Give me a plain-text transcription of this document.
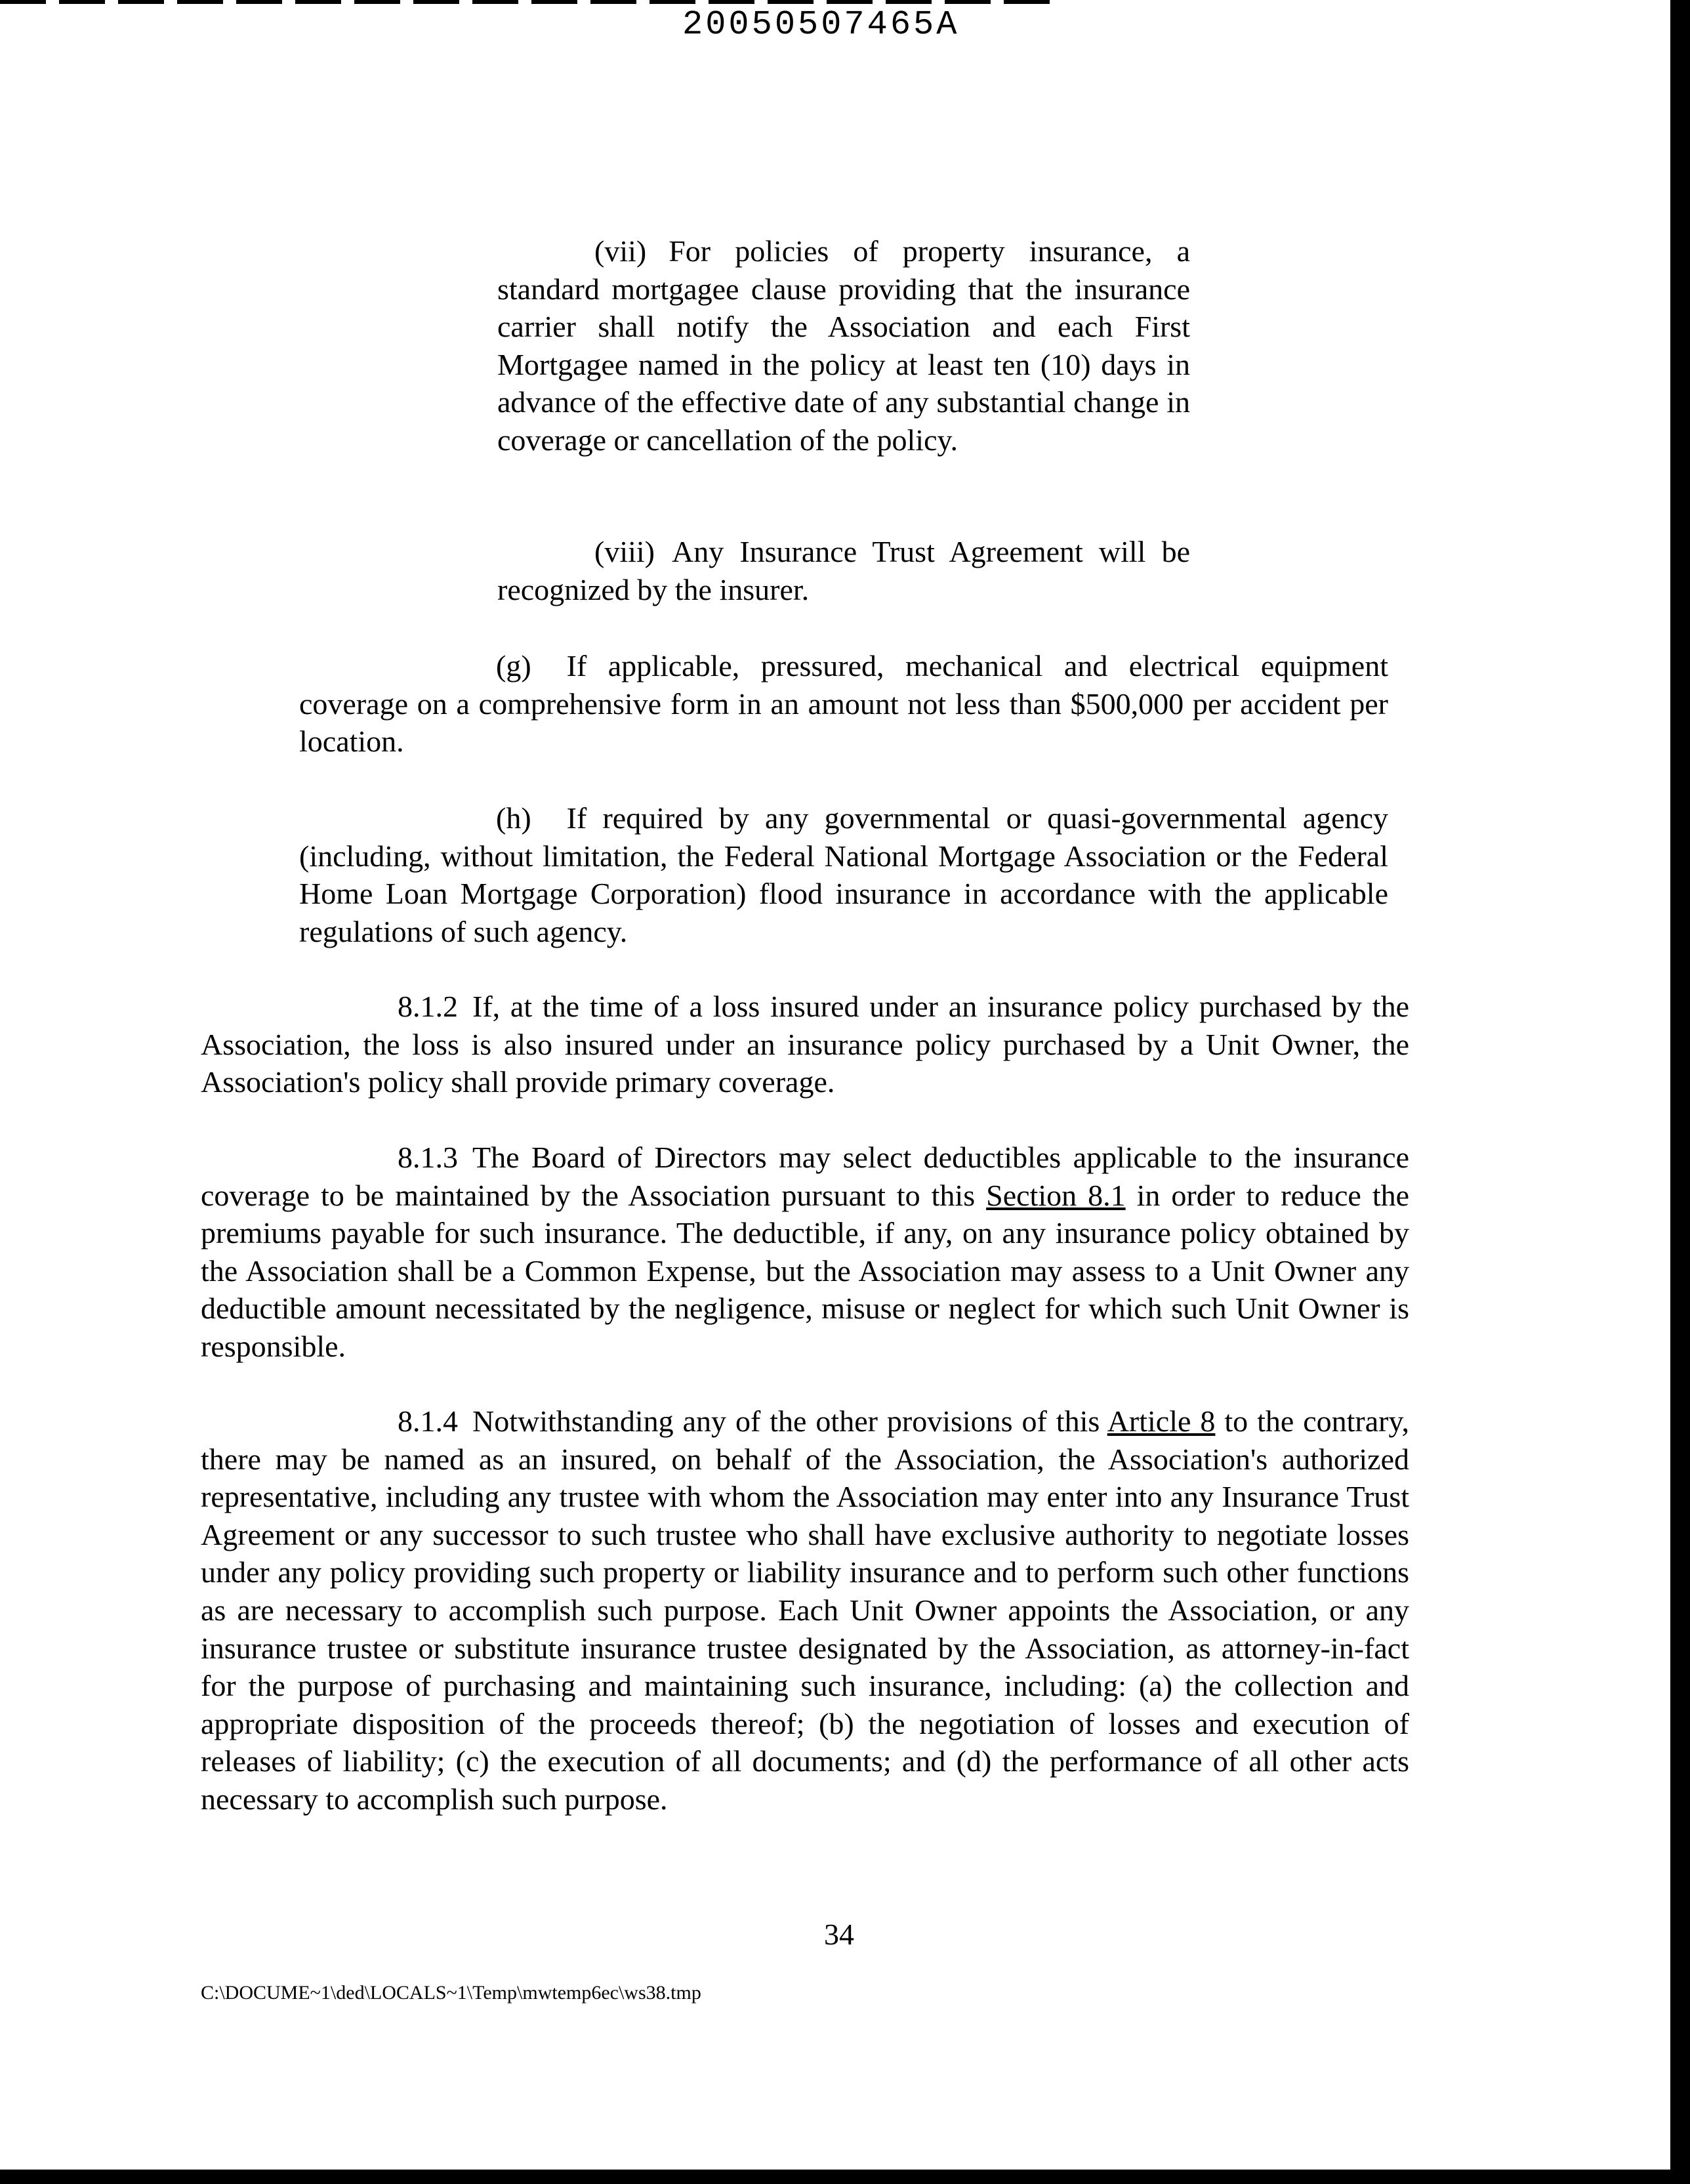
20050507465A

(vii) For policies of property insurance, a standard mortgagee clause providing that the insurance carrier shall notify the Association and each First Mortgagee named in the policy at least ten (10) days in advance of the effective date of any substantial change in coverage or cancellation of the policy.

(viii) Any Insurance Trust Agreement will be recognized by the insurer.

(g) If applicable, pressured, mechanical and electrical equipment coverage on a comprehensive form in an amount not less than $500,000 per accident per location.

(h) If required by any governmental or quasi-governmental agency (including, without limitation, the Federal National Mortgage Association or the Federal Home Loan Mortgage Corporation) flood insurance in accordance with the applicable regulations of such agency.

8.1.2 If, at the time of a loss insured under an insurance policy purchased by the Association, the loss is also insured under an insurance policy purchased by a Unit Owner, the Association's policy shall provide primary coverage.

8.1.3 The Board of Directors may select deductibles applicable to the insurance coverage to be maintained by the Association pursuant to this Section 8.1 in order to reduce the premiums payable for such insurance. The deductible, if any, on any insurance policy obtained by the Association shall be a Common Expense, but the Association may assess to a Unit Owner any deductible amount necessitated by the negligence, misuse or neglect for which such Unit Owner is responsible.

8.1.4 Notwithstanding any of the other provisions of this Article 8 to the contrary, there may be named as an insured, on behalf of the Association, the Association's authorized representative, including any trustee with whom the Association may enter into any Insurance Trust Agreement or any successor to such trustee who shall have exclusive authority to negotiate losses under any policy providing such property or liability insurance and to perform such other functions as are necessary to accomplish such purpose. Each Unit Owner appoints the Association, or any insurance trustee or substitute insurance trustee designated by the Association, as attorney-in-fact for the purpose of purchasing and maintaining such insurance, including: (a) the collection and appropriate disposition of the proceeds thereof; (b) the negotiation of losses and execution of releases of liability; (c) the execution of all documents; and (d) the performance of all other acts necessary to accomplish such purpose.

34
C:\DOCUME~1\ded\LOCALS~1\Temp\mwtemp6ec\ws38.tmp
